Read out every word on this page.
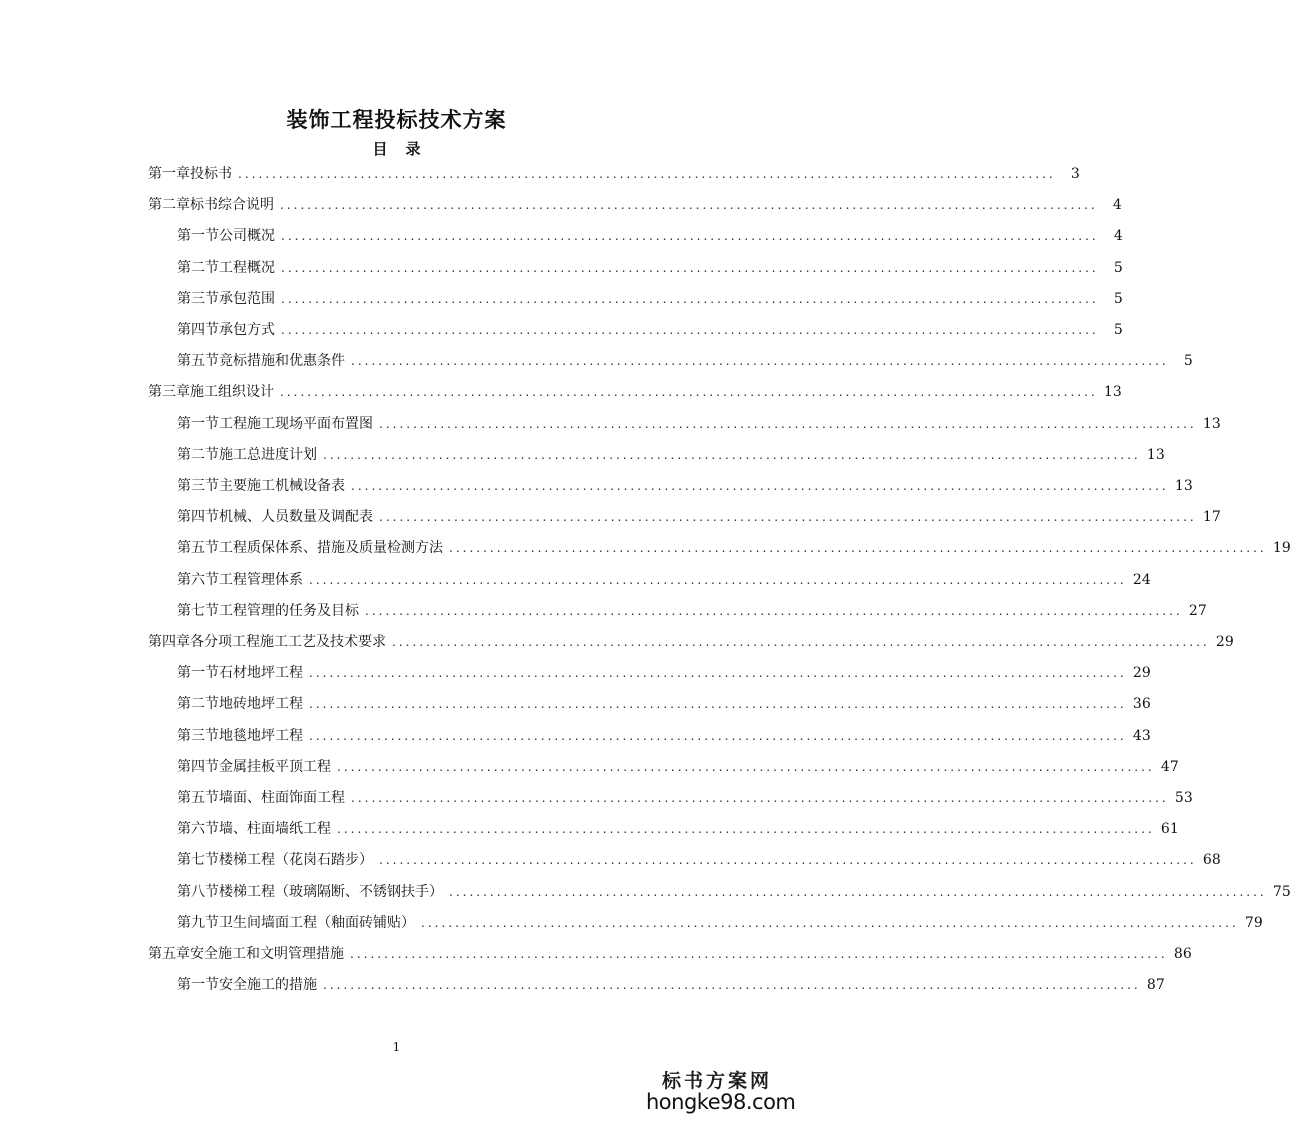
装饰工程投标技术方案
目 录
第一章 投标书 ........................................................................................................................	3
第二章 标书综合说明 ........................................................................................................................	4
第一节 公司概况 ........................................................................................................................	4
第二节 工程概况 ........................................................................................................................	5
第三节 承包范围 ........................................................................................................................	5
第四节 承包方式 ........................................................................................................................	5
第五节 竞标措施和优惠条件 ........................................................................................................................	5
第三章 施工组织设计 ........................................................................................................................ 13
第一节 工程施工现场平面布置图 ........................................................................................................................ 13
第二节 施工总进度计划 ........................................................................................................................ 13
第三节 主要施工机械设备表 ........................................................................................................................ 13
第四节 机械、人员数量及调配表 ........................................................................................................................ 17
第五节 工程质保体系、措施及质量检测方法 ........................................................................................................................ 19
第六节 工程管理体系 ........................................................................................................................ 24
第七节 工程管理的任务及目标 ........................................................................................................................ 27
第四章 各分项工程施工工艺及技术要求 ........................................................................................................................ 29
第一节 石材地坪工程 ........................................................................................................................ 29
第二节 地砖地坪工程 ........................................................................................................................ 36
第三节 地毯地坪工程 ........................................................................................................................ 43
第四节 金属挂板平顶工程 ........................................................................................................................ 47
第五节 墙面、柱面饰面工程 ........................................................................................................................ 53
第六节 墙、柱面墙纸工程 ........................................................................................................................ 61
第七节 楼梯工程（花岗石踏步） ........................................................................................................................ 68
第八节 楼梯工程（玻璃隔断、不锈钢扶手） ........................................................................................................................ 75
第九节 卫生间墙面工程（釉面砖铺贴） ........................................................................................................................ 79
第五章 安全施工和文明管理措施 ........................................................................................................................ 86
第一节 安全施工的措施 ........................................................................................................................ 87
1
标书方案网
hongke98.com
